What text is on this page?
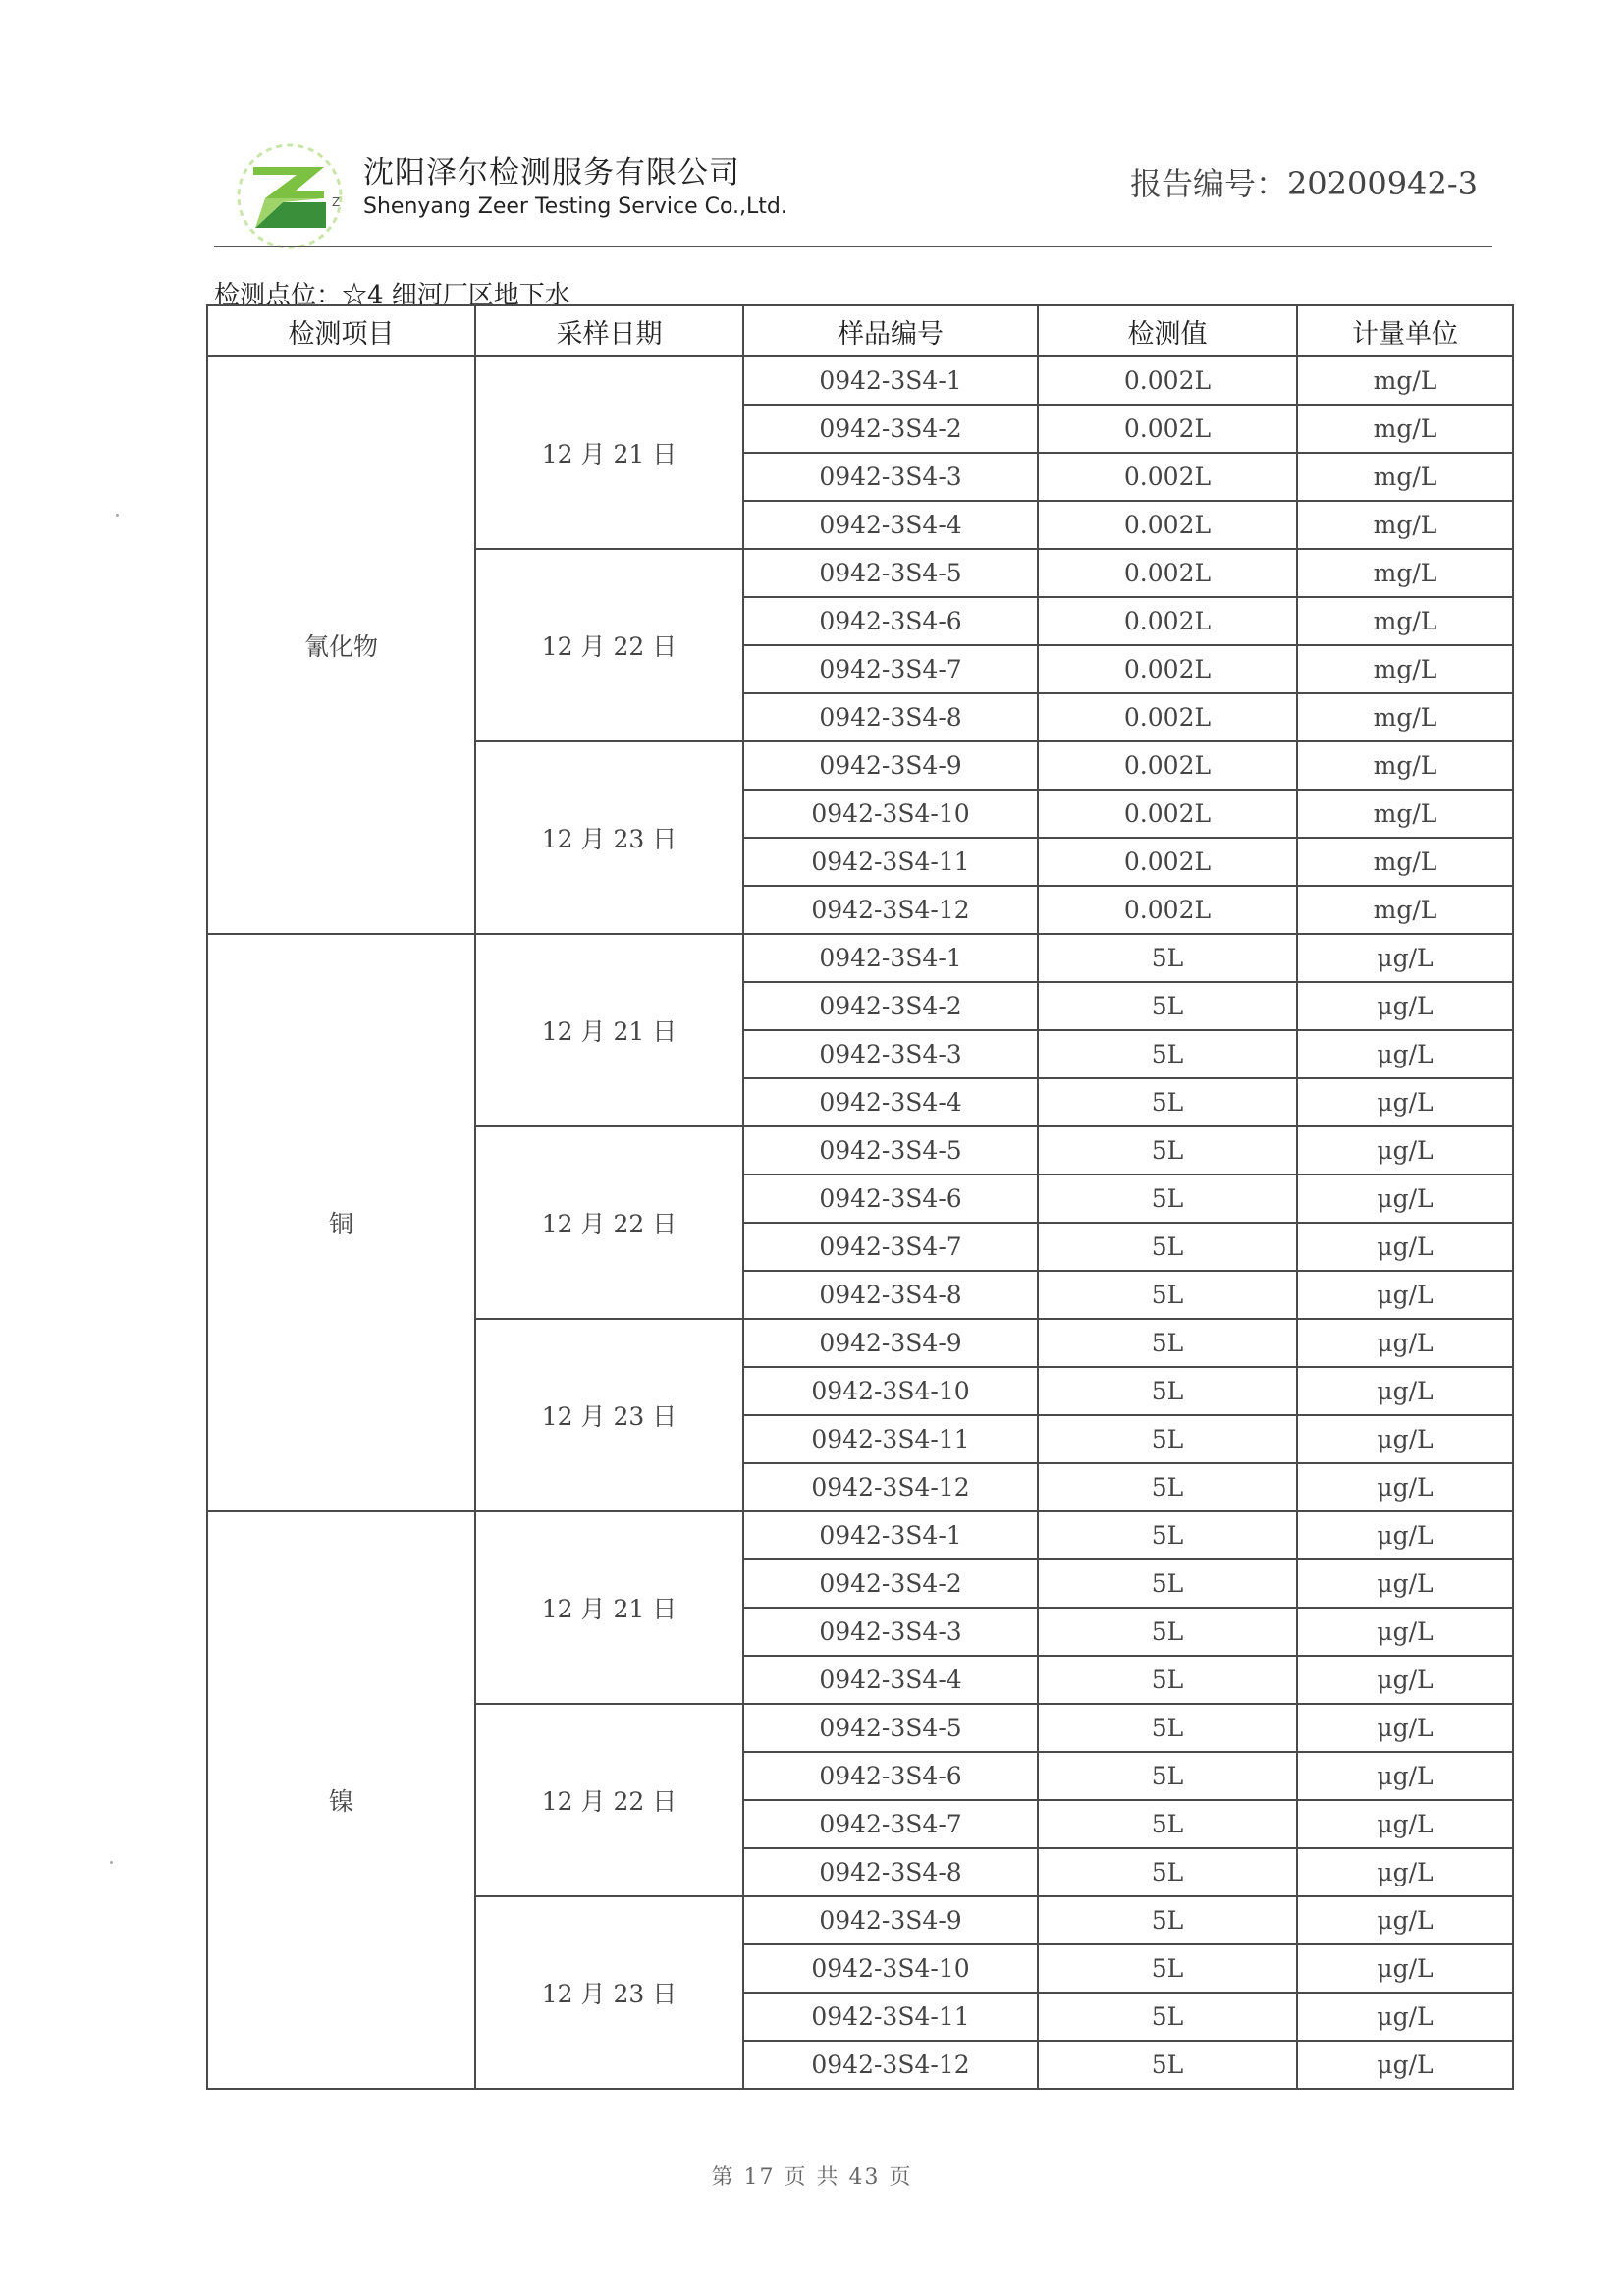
Z
沈阳泽尔检测服务有限公司
Shenyang Zeer Testing Service Co.,Ltd.
报告编号：20200942-3
检测点位：☆4 细河厂区地下水
检测项目	采样日期	样品编号	检测值	计量单位
氰化物	12 月 21 日	0942-3S4-1	0.002L	mg/L
		0942-3S4-2	0.002L	mg/L
		0942-3S4-3	0.002L	mg/L
		0942-3S4-4	0.002L	mg/L
	12 月 22 日	0942-3S4-5	0.002L	mg/L
		0942-3S4-6	0.002L	mg/L
		0942-3S4-7	0.002L	mg/L
		0942-3S4-8	0.002L	mg/L
	12 月 23 日	0942-3S4-9	0.002L	mg/L
		0942-3S4-10	0.002L	mg/L
		0942-3S4-11	0.002L	mg/L
		0942-3S4-12	0.002L	mg/L
铜	12 月 21 日	0942-3S4-1	5L	μg/L
		0942-3S4-2	5L	μg/L
		0942-3S4-3	5L	μg/L
		0942-3S4-4	5L	μg/L
	12 月 22 日	0942-3S4-5	5L	μg/L
		0942-3S4-6	5L	μg/L
		0942-3S4-7	5L	μg/L
		0942-3S4-8	5L	μg/L
	12 月 23 日	0942-3S4-9	5L	μg/L
		0942-3S4-10	5L	μg/L
		0942-3S4-11	5L	μg/L
		0942-3S4-12	5L	μg/L
镍	12 月 21 日	0942-3S4-1	5L	μg/L
		0942-3S4-2	5L	μg/L
		0942-3S4-3	5L	μg/L
		0942-3S4-4	5L	μg/L
	12 月 22 日	0942-3S4-5	5L	μg/L
		0942-3S4-6	5L	μg/L
		0942-3S4-7	5L	μg/L
		0942-3S4-8	5L	μg/L
	12 月 23 日	0942-3S4-9	5L	μg/L
		0942-3S4-10	5L	μg/L
		0942-3S4-11	5L	μg/L
		0942-3S4-12	5L	μg/L
第 17 页 共 43 页
